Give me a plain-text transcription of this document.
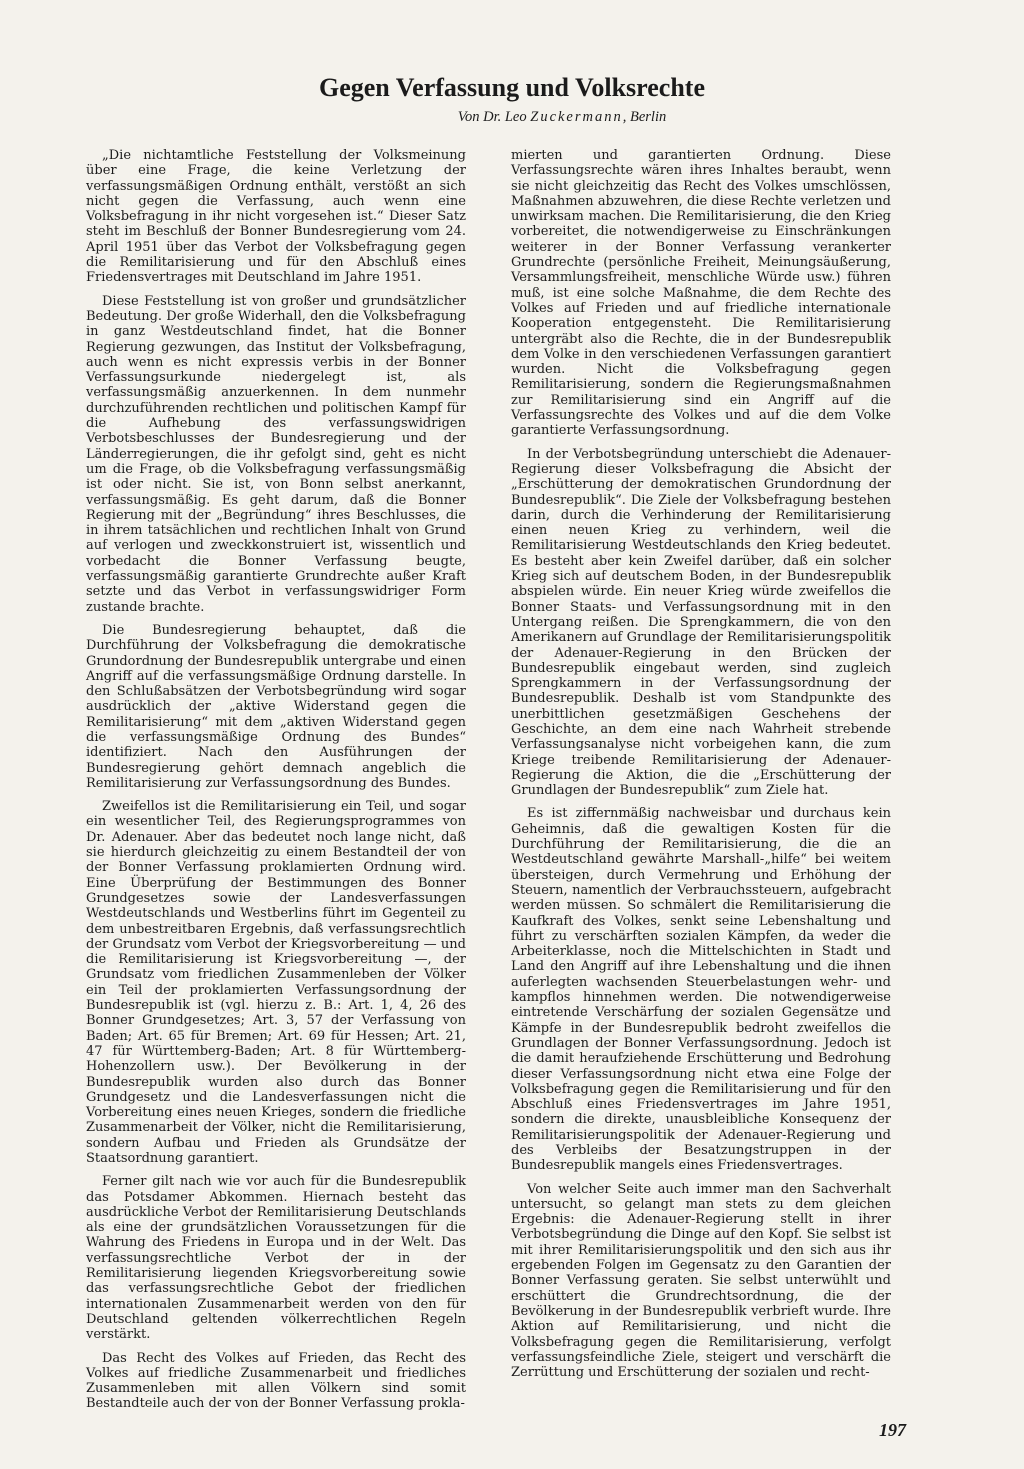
Gegen Verfassung und Volksrechte

Von Dr. Leo Zuckermann, Berlin

„Die nichtamtliche Feststellung der Volksmeinung über eine Frage, die keine Verletzung der verfassungsmäßigen Ordnung enthält, verstößt an sich nicht gegen die Verfassung, auch wenn eine Volksbefragung in ihr nicht vorgesehen ist.“ Dieser Satz steht im Beschluß der Bonner Bundesregierung vom 24. April 1951 über das Verbot der Volksbefragung gegen die Remilitarisierung und für den Abschluß eines Friedensvertrages mit Deutschland im Jahre 1951.

Diese Feststellung ist von großer und grundsätzlicher Bedeutung. Der große Widerhall, den die Volksbefragung in ganz Westdeutschland findet, hat die Bonner Regierung gezwungen, das Institut der Volksbefragung, auch wenn es nicht expressis verbis in der Bonner Verfassungsurkunde niedergelegt ist, als verfassungsmäßig anzuerkennen. In dem nunmehr durchzuführenden rechtlichen und politischen Kampf für die Aufhebung des verfassungswidrigen Verbotsbeschlusses der Bundesregierung und der Länderregierungen, die ihr gefolgt sind, geht es nicht um die Frage, ob die Volksbefragung verfassungsmäßig ist oder nicht. Sie ist, von Bonn selbst anerkannt, verfassungsmäßig. Es geht darum, daß die Bonner Regierung mit der „Begründung“ ihres Beschlusses, die in ihrem tatsächlichen und rechtlichen Inhalt von Grund auf verlogen und zweckkonstruiert ist, wissentlich und vorbedacht die Bonner Verfassung beugte, verfassungsmäßig garantierte Grundrechte außer Kraft setzte und das Verbot in verfassungswidriger Form zustande brachte.

Die Bundesregierung behauptet, daß die Durchführung der Volksbefragung die demokratische Grundordnung der Bundesrepublik untergrabe und einen Angriff auf die verfassungsmäßige Ordnung darstelle. In den Schlußabsätzen der Verbotsbegründung wird sogar ausdrücklich der „aktive Widerstand gegen die Remilitarisierung“ mit dem „aktiven Widerstand gegen die verfassungsmäßige Ordnung des Bundes“ identifiziert. Nach den Ausführungen der Bundesregierung gehört demnach angeblich die Remilitarisierung zur Verfassungsordnung des Bundes.

Zweifellos ist die Remilitarisierung ein Teil, und sogar ein wesentlicher Teil, des Regierungsprogrammes von Dr. Adenauer. Aber das bedeutet noch lange nicht, daß sie hierdurch gleichzeitig zu einem Bestandteil der von der Bonner Verfassung proklamierten Ordnung wird. Eine Überprüfung der Bestimmungen des Bonner Grundgesetzes sowie der Landesverfassungen Westdeutschlands und Westberlins führt im Gegenteil zu dem unbestreitbaren Ergebnis, daß verfassungsrechtlich der Grundsatz vom Verbot der Kriegsvorbereitung — und die Remilitarisierung ist Kriegsvorbereitung —, der Grundsatz vom friedlichen Zusammenleben der Völker ein Teil der proklamierten Verfassungsordnung der Bundesrepublik ist (vgl. hierzu z. B.: Art. 1, 4, 26 des Bonner Grundgesetzes; Art. 3, 57 der Verfassung von Baden; Art. 65 für Bremen; Art. 69 für Hessen; Art. 21, 47 für Württemberg-Baden; Art. 8 für Württemberg-Hohenzollern usw.). Der Bevölkerung in der Bundesrepublik wurden also durch das Bonner Grundgesetz und die Landesverfassungen nicht die Vorbereitung eines neuen Krieges, sondern die friedliche Zusammenarbeit der Völker, nicht die Remilitarisierung, sondern Aufbau und Frieden als Grundsätze der Staatsordnung garantiert.

Ferner gilt nach wie vor auch für die Bundesrepublik das Potsdamer Abkommen. Hiernach besteht das ausdrückliche Verbot der Remilitarisierung Deutschlands als eine der grundsätzlichen Voraussetzungen für die Wahrung des Friedens in Europa und in der Welt. Das verfassungsrechtliche Verbot der in der Remilitarisierung liegenden Kriegsvorbereitung sowie das verfassungsrechtliche Gebot der friedlichen internationalen Zusammenarbeit werden von den für Deutschland geltenden völkerrechtlichen Regeln verstärkt.

Das Recht des Volkes auf Frieden, das Recht des Volkes auf friedliche Zusammenarbeit und friedliches Zusammenleben mit allen Völkern sind somit Bestandteile auch der von der Bonner Verfassung prokla-

mierten und garantierten Ordnung. Diese Verfassungsrechte wären ihres Inhaltes beraubt, wenn sie nicht gleichzeitig das Recht des Volkes umschlössen, Maßnahmen abzuwehren, die diese Rechte verletzen und unwirksam machen. Die Remilitarisierung, die den Krieg vorbereitet, die notwendigerweise zu Einschränkungen weiterer in der Bonner Verfassung verankerter Grundrechte (persönliche Freiheit, Meinungsäußerung, Versammlungsfreiheit, menschliche Würde usw.) führen muß, ist eine solche Maßnahme, die dem Rechte des Volkes auf Frieden und auf friedliche internationale Kooperation entgegensteht. Die Remilitarisierung untergräbt also die Rechte, die in der Bundesrepublik dem Volke in den verschiedenen Verfassungen garantiert wurden. Nicht die Volksbefragung gegen Remilitarisierung, sondern die Regierungsmaßnahmen zur Remilitarisierung sind ein Angriff auf die Verfassungsrechte des Volkes und auf die dem Volke garantierte Verfassungsordnung.

In der Verbotsbegründung unterschiebt die Adenauer-Regierung dieser Volksbefragung die Absicht der „Erschütterung der demokratischen Grundordnung der Bundesrepublik“. Die Ziele der Volksbefragung bestehen darin, durch die Verhinderung der Remilitarisierung einen neuen Krieg zu verhindern, weil die Remilitarisierung Westdeutschlands den Krieg bedeutet. Es besteht aber kein Zweifel darüber, daß ein solcher Krieg sich auf deutschem Boden, in der Bundesrepublik abspielen würde. Ein neuer Krieg würde zweifellos die Bonner Staats- und Verfassungsordnung mit in den Untergang reißen. Die Sprengkammern, die von den Amerikanern auf Grundlage der Remilitarisierungspolitik der Adenauer-Regierung in den Brücken der Bundesrepublik eingebaut werden, sind zugleich Sprengkammern in der Verfassungsordnung der Bundesrepublik. Deshalb ist vom Standpunkte des unerbittlichen gesetzmäßigen Geschehens der Geschichte, an dem eine nach Wahrheit strebende Verfassungsanalyse nicht vorbeigehen kann, die zum Kriege treibende Remilitarisierung der Adenauer-Regierung die Aktion, die die „Erschütterung der Grundlagen der Bundesrepublik“ zum Ziele hat.

Es ist ziffernmäßig nachweisbar und durchaus kein Geheimnis, daß die gewaltigen Kosten für die Durchführung der Remilitarisierung, die die an Westdeutschland gewährte Marshall-„hilfe“ bei weitem übersteigen, durch Vermehrung und Erhöhung der Steuern, namentlich der Verbrauchssteuern, aufgebracht werden müssen. So schmälert die Remilitarisierung die Kaufkraft des Volkes, senkt seine Lebenshaltung und führt zu verschärften sozialen Kämpfen, da weder die Arbeiterklasse, noch die Mittelschichten in Stadt und Land den Angriff auf ihre Lebenshaltung und die ihnen auferlegten wachsenden Steuerbelastungen wehr- und kampflos hinnehmen werden. Die notwendigerweise eintretende Verschärfung der sozialen Gegensätze und Kämpfe in der Bundesrepublik bedroht zweifellos die Grundlagen der Bonner Verfassungsordnung. Jedoch ist die damit heraufziehende Erschütterung und Bedrohung dieser Verfassungsordnung nicht etwa eine Folge der Volksbefragung gegen die Remilitarisierung und für den Abschluß eines Friedensvertrages im Jahre 1951, sondern die direkte, unausbleibliche Konsequenz der Remilitarisierungspolitik der Adenauer-Regierung und des Verbleibs der Besatzungstruppen in der Bundesrepublik mangels eines Friedensvertrages.

Von welcher Seite auch immer man den Sachverhalt untersucht, so gelangt man stets zu dem gleichen Ergebnis: die Adenauer-Regierung stellt in ihrer Verbotsbegründung die Dinge auf den Kopf. Sie selbst ist mit ihrer Remilitarisierungspolitik und den sich aus ihr ergebenden Folgen im Gegensatz zu den Garantien der Bonner Verfassung geraten. Sie selbst unterwühlt und erschüttert die Grundrechtsordnung, die der Bevölkerung in der Bundesrepublik verbrieft wurde. Ihre Aktion auf Remilitarisierung, und nicht die Volksbefragung gegen die Remilitarisierung, verfolgt verfassungsfeindliche Ziele, steigert und verschärft die Zerrüttung und Erschütterung der sozialen und recht-

197
